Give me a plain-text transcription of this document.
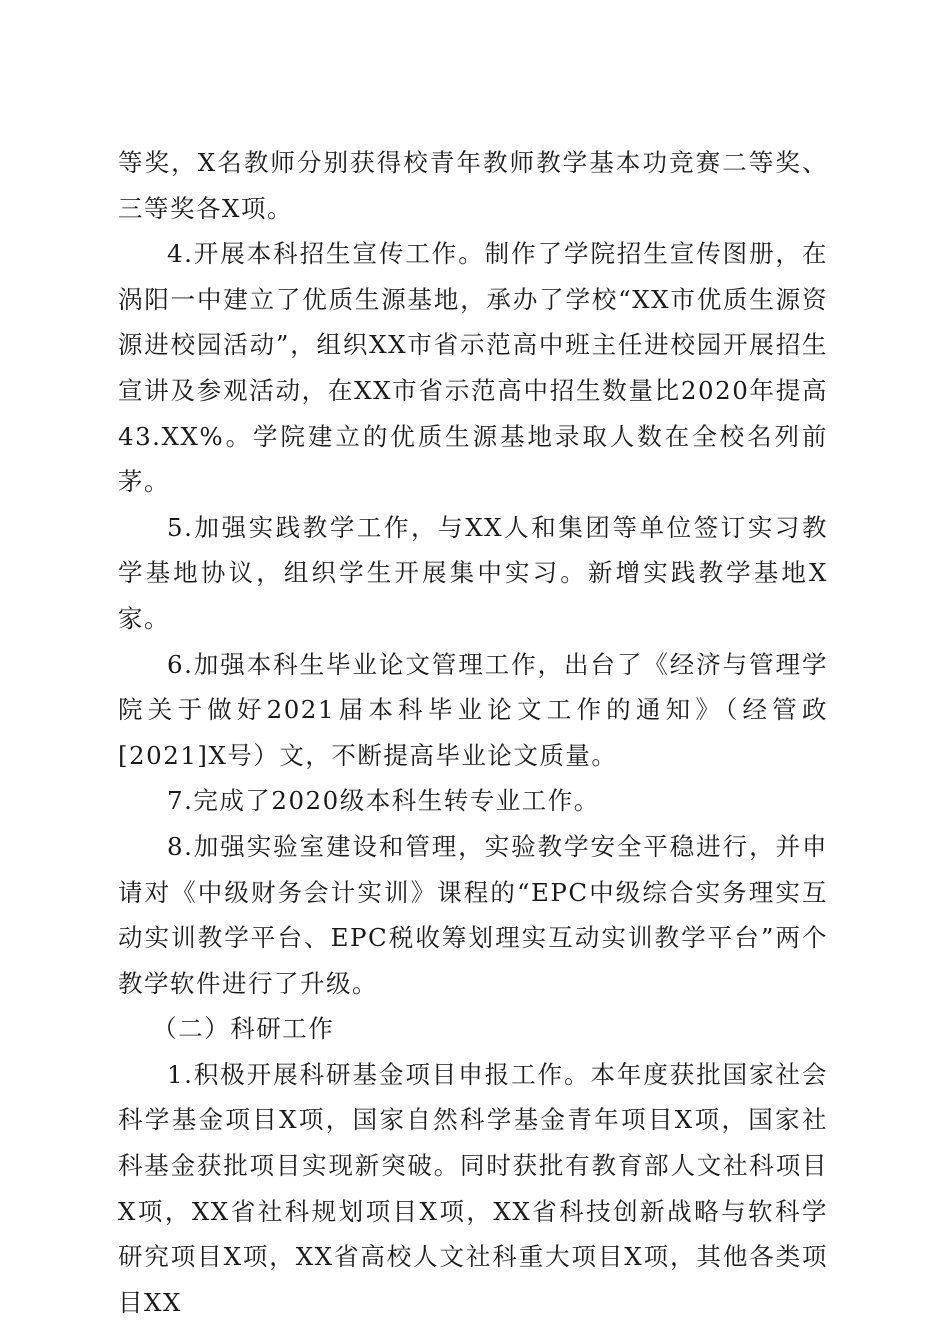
等奖，X名教师分别获得校青年教师教学基本功竞赛二等奖、三等奖各X项。

4.开展本科招生宣传工作。制作了学院招生宣传图册，在涡阳一中建立了优质生源基地，承办了学校“XX市优质生源资源进校园活动”，组织XX市省示范高中班主任进校园开展招生宣讲及参观活动，在XX市省示范高中招生数量比2020年提高43.XX%。学院建立的优质生源基地录取人数在全校名列前茅。

5.加强实践教学工作，与XX人和集团等单位签订实习教学基地协议，组织学生开展集中实习。新增实践教学基地X家。

6.加强本科生毕业论文管理工作，出台了《经济与管理学院关于做好2021届本科毕业论文工作的通知》（经管政[2021]X号）文，不断提高毕业论文质量。

7.完成了2020级本科生转专业工作。

8.加强实验室建设和管理，实验教学安全平稳进行，并申请对《中级财务会计实训》课程的“EPC中级综合实务理实互动实训教学平台、EPC税收筹划理实互动实训教学平台”两个教学软件进行了升级。

（二）科研工作

1.积极开展科研基金项目申报工作。本年度获批国家社会科学基金项目X项，国家自然科学基金青年项目X项，国家社科基金获批项目实现新突破。同时获批有教育部人文社科项目X项，XX省社科规划项目X项，XX省科技创新战略与软科学研究项目X项，XX省高校人文社科重大项目X项，其他各类项目XX
